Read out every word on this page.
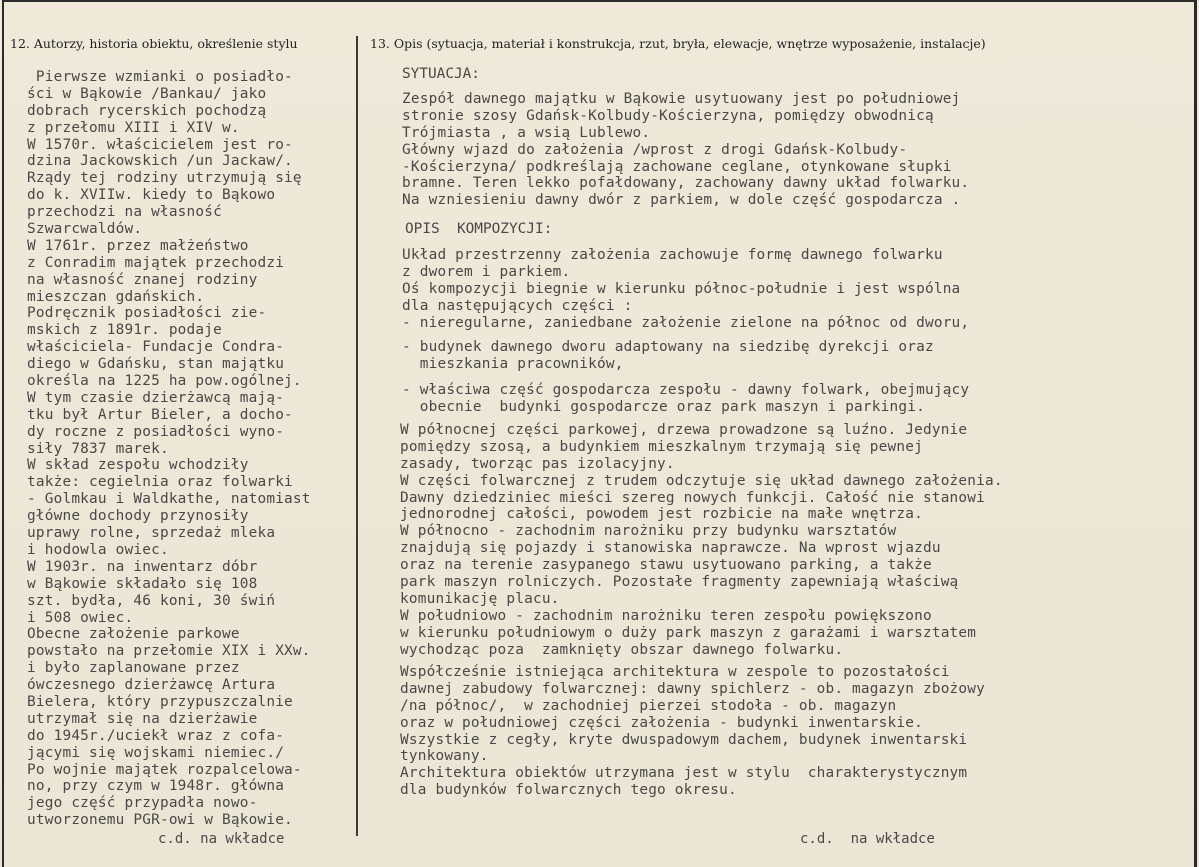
12. Autorzy, historia obiektu, określenie stylu	13. Opis (sytuacja, materiał i konstrukcja, rzut, bryła, elewacje, wnętrze wyposażenie, instalacje)
Pierwsze wzmianki o posiadło-
ści w Bąkowie /Bankau/ jako
dobrach rycerskich pochodzą
z przełomu XIII i XIV w.
W 1570r. właścicielem jest ro-
dzina Jackowskich /un Jackaw/.
Rządy tej rodziny utrzymują się
do k. XVIIw. kiedy to Bąkowo
przechodzi na własność
Szwarcwaldów.
W 1761r. przez małżeństwo
z Conradim majątek przechodzi
na własność znanej rodziny
mieszczan gdańskich.
Podręcznik posiadłości zie-
mskich z 1891r. podaje
właściciela- Fundacje Condra-
diego w Gdańsku, stan majątku
określa na 1225 ha pow.ogólnej.
W tym czasie dzierżawcą mają-
tku był Artur Bieler, a docho-
dy roczne z posiadłości wyno-
siły 7837 marek.
W skład zespołu wchodziły
także: cegielnia oraz folwarki
- Golmkau i Waldkathe, natomiast
główne dochody przynosiły
uprawy rolne, sprzedaż mleka
i hodowla owiec.
W 1903r. na inwentarz dóbr
w Bąkowie składało się 108
szt. bydła, 46 koni, 30 świń
i 508 owiec.
Obecne założenie parkowe
powstało na przełomie XIX i XXw.
i było zaplanowane przez
ówczesnego dzierżawcę Artura
Bielera, który przypuszczalnie
utrzymał się na dzierżawie
do 1945r./uciekł wraz z cofa-
jącymi się wojskami niemiec./
Po wojnie majątek rozpalcelowa-
no, przy czym w 1948r. główna
jego część przypadła nowo-
utworzonemu PGR-owi w Bąkowie.
c.d. na wkładce
SYTUACJA:
Zespół dawnego majątku w Bąkowie usytuowany jest po południowej
stronie szosy Gdańsk-Kolbudy-Kościerzyna, pomiędzy obwodnicą
Trójmiasta , a wsią Lublewo.
Główny wjazd do założenia /wprost z drogi Gdańsk-Kolbudy-
-Kościerzyna/ podkreślają zachowane ceglane, otynkowane słupki
bramne. Teren lekko pofałdowany, zachowany dawny układ folwarku.
Na wzniesieniu dawny dwór z parkiem, w dole część gospodarcza .
OPIS  KOMPOZYCJI:
Układ przestrzenny założenia zachowuje formę dawnego folwarku
z dworem i parkiem.
Oś kompozycji biegnie w kierunku północ-południe i jest wspólna
dla następujących części :
- nieregularne, zaniedbane założenie zielone na północ od dworu,
- budynek dawnego dworu adaptowany na siedzibę dyrekcji oraz
mieszkania pracowników,
- właściwa część gospodarcza zespołu - dawny folwark, obejmujący
obecnie  budynki gospodarcze oraz park maszyn i parkingi.
W północnej części parkowej, drzewa prowadzone są luźno. Jedynie
pomiędzy szosą, a budynkiem mieszkalnym trzymają się pewnej
zasady, tworząc pas izolacyjny.
W części folwarcznej z trudem odczytuje się układ dawnego założenia.
Dawny dziedziniec mieści szereg nowych funkcji. Całość nie stanowi
jednorodnej całości, powodem jest rozbicie na małe wnętrza.
W północno - zachodnim narożniku przy budynku warsztatów
znajdują się pojazdy i stanowiska naprawcze. Na wprost wjazdu
oraz na terenie zasypanego stawu usytuowano parking, a także
park maszyn rolniczych. Pozostałe fragmenty zapewniają właściwą
komunikację placu.
W południowo - zachodnim narożniku teren zespołu powiększono
w kierunku południowym o duży park maszyn z garażami i warsztatem
wychodząc poza  zamknięty obszar dawnego folwarku.
Współcześnie istniejąca architektura w zespole to pozostałości
dawnej zabudowy folwarcznej: dawny spichlerz - ob. magazyn zbożowy
/na północ/,  w zachodniej pierzei stodoła - ob. magazyn
oraz w południowej części założenia - budynki inwentarskie.
Wszystkie z cegły, kryte dwuspadowym dachem, budynek inwentarski
tynkowany.
Architektura obiektów utrzymana jest w stylu  charakterystycznym
dla budynków folwarcznych tego okresu.
c.d.  na wkładce
